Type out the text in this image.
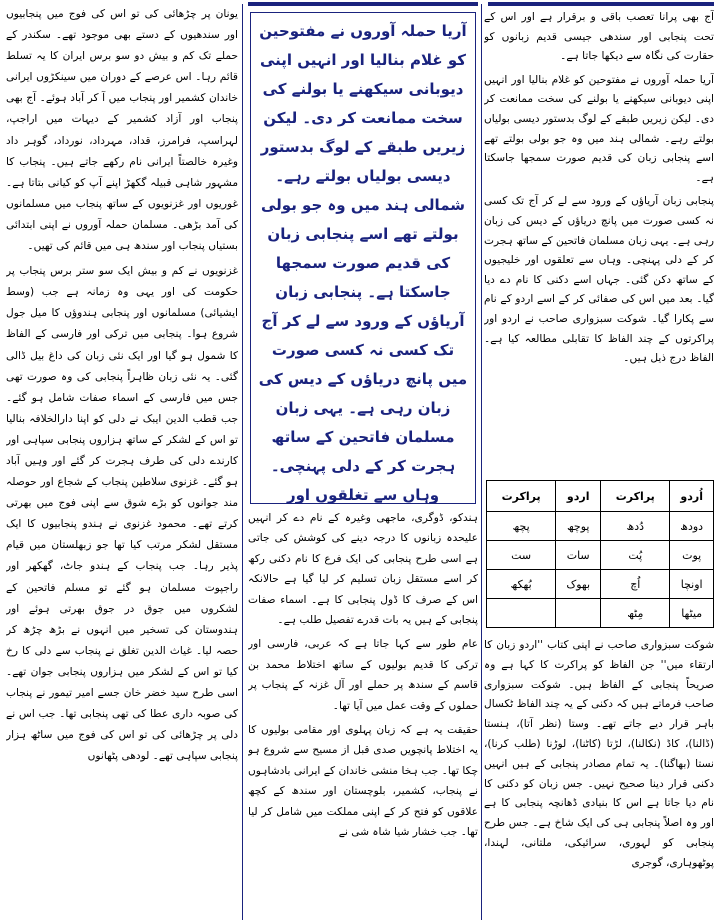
آج بھی پرانا تعصب باقی و برقرار ہے اور اس کے تحت پنجابی اور سندھی جیسی قدیم زبانوں کو حقارت کی نگاہ سے دیکھا جاتا ہے۔

آریا حملہ آوروں نے مفتوحین کو غلام بنالیا اور انہیں اپنی دیوبانی سیکھنے یا بولنے کی سخت ممانعت کر دی۔ لیکن زیریں طبقے کے لوگ بدستور دیسی بولیاں بولتے رہے۔ شمالی ہند میں وہ جو بولی بولتے تھے اسے پنجابی زبان کی قدیم صورت سمجھا جاسکتا ہے۔

پنجابی زبان آریاؤں کے ورود سے لے کر آج تک کسی نہ کسی صورت میں پانچ دریاؤں کے دیس کی زبان رہی ہے۔ یہی زبان مسلمان فاتحین کے ساتھ ہجرت کر کے دلی پہنچی۔ وہاں سے تعلقوں اور خلیجیوں کے ساتھ دکن گئی۔ جہاں اسے دکنی کا نام دے دیا گیا۔ بعد میں اس کی صفائی کر کے اسے اردو کے نام سے پکارا گیا۔ شوکت سبزواری صاحب نے اردو اور پراکرتوں کے چند الفاظ کا تقابلی مطالعہ کیا ہے۔ الفاظ درج ذیل ہیں۔

اُردو	پراکرت	اردو	پراکرت
دودھ	دُدھ	پوچھ	پچھ
پوت	پُت	سات	ست
اونچا	اُچ	بھوک	بُھکھ
میٹھا	مِٹھ		

شوکت سبزواری صاحب نے اپنی کتاب ''اردو زبان کا ارتقاء میں'' جن الفاظ کو پراکرت کا کہا ہے وہ صریحاً پنجابی کے الفاظ ہیں۔ شوکت سبزواری صاحب فرماتے ہیں کہ دکنی کے یہ چند الفاظ ٹکسال باہر قرار دیے جاتے تھے۔ وستا (نظر آتا)، ہنستا (ڈالنا)، کاڈ (نکالنا)، لڑتا (کاٹنا)، لوڑنا (طلب کرنا)، نستا (بھاگنا)۔ یہ تمام مصادر پنجابی کے ہیں انہیں دکنی قرار دینا صحیح نہیں۔ جس زبان کو دکنی کا نام دیا جاتا ہے اس کا بنیادی ڈھانچہ پنجابی کا ہے اور وہ اصلاً پنجابی ہی کی ایک شاخ ہے۔ جس طرح پنجابی کو لہوری، سرائیکی، ملتانی، لہندا، پوٹھوہاری، گوجری

آریا حملہ آوروں نے مفتوحین کو غلام بنالیا اور انہیں اپنی دیوبانی سیکھنے یا بولنے کی سخت ممانعت کر دی۔ لیکن زیریں طبقے کے لوگ بدستور دیسی بولیاں بولتے رہے۔ شمالی ہند میں وہ جو بولی بولتے تھے اسے پنجابی زبان کی قدیم صورت سمجھا جاسکتا ہے۔ پنجابی زبان آریاؤں کے ورود سے لے کر آج تک کسی نہ کسی صورت میں پانچ دریاؤں کے دیس کی زبان رہی ہے۔ یہی زبان مسلمان فاتحین کے ساتھ ہجرت کر کے دلی پہنچی۔ وہاں سے تغلقوں اور

ہندکو، ڈوگری، ماجھی وغیرہ کے نام دے کر انہیں علیحدہ زبانوں کا درجہ دینے کی کوشش کی جاتی ہے اسی طرح پنجابی کی ایک فرع کا نام دکنی رکھ کر اسے مستقل زبان تسلیم کر لیا گیا ہے حالانکہ اس کے صرف کا ڈول پنجابی کا ہے۔ اسماء صفات پنجابی کے ہیں یہ بات قدرے تفصیل طلب ہے۔

عام طور سے کہا جاتا ہے کہ عربی، فارسی اور ترکی کا قدیم بولیوں کے ساتھ اختلاط محمد بن قاسم کے سندھ پر حملے اور آل غزنہ کے پنجاب پر حملوں کے وقت عمل میں آیا تھا۔

حقیقت یہ ہے کہ زبان پہلوی اور مقامی بولیوں کا یہ اختلاط پانچویں صدی قبل از مسیح سے شروع ہو چکا تھا۔ جب ہخا منشی خاندان کے ایرانی بادشاہوں نے پنجاب، کشمیر، بلوچستان اور سندھ کے کچھ علاقوں کو فتح کر کے اپنی مملکت میں شامل کر لیا تھا۔ جب خشار شیا شاہ شی نے

یونان پر چڑھائی کی تو اس کی فوج میں پنجابیوں اور سندھیوں کے دستے بھی موجود تھے۔ سکندر کے حملے تک کم و بیش دو سو برس ایران کا یہ تسلط قائم رہا۔ اس عرصے کے دوران میں سینکڑوں ایرانی خاندان کشمیر اور پنجاب میں آ کر آباد ہوئے۔ آج بھی پنجاب اور آزاد کشمیر کے دیہات میں اراجپ، لہراسپ، فرامرز، قداد، مہرداد، نورداد، گوہر داد وغیرہ خالصتاً ایرانی نام رکھے جاتے ہیں۔ پنجاب کا مشہور شاہی قبیلہ گکھڑ اپنے آپ کو کیانی بتاتا ہے۔ غوریوں اور غزنویوں کے ساتھ پنجاب میں مسلمانوں کی آمد بڑھی۔ مسلمان حملہ آوروں نے اپنی ابتدائی بستیاں پنجاب اور سندھ ہی میں قائم کی تھیں۔

غزنویوں نے کم و بیش ایک سو ستر برس پنجاب پر حکومت کی اور یہی وہ زمانہ ہے جب (وسط ایشیائی) مسلمانوں اور پنجابی ہندوؤں کا میل جول شروع ہوا۔ پنجابی میں ترکی اور فارسی کے الفاظ کا شمول ہو گیا اور ایک نئی زبان کی داغ بیل ڈالی گئی۔ یہ نئی زبان ظاہراً پنجابی کی وہ صورت تھی جس میں فارسی کے اسماء صفات شامل ہو گئے۔ جب قطب الدین ایبک نے دلی کو اپنا دارالخلافہ بنالیا تو اس کے لشکر کے ساتھ ہزاروں پنجابی سپاہی اور کارندے دلی کی طرف ہجرت کر گئے اور وہیں آباد ہو گئے۔ غزنوی سلاطین پنجاب کے شجاع اور حوصلہ مند جوانوں کو بڑے شوق سے اپنی فوج میں بھرتی کرتے تھے۔ محمود غزنوی نے ہندو پنجابیوں کا ایک مستقل لشکر مرتب کیا تھا جو زبھلستان میں قیام پذیر رہا۔ جب پنجاب کے ہندو جاٹ، گھکھر اور راجپوت مسلمان ہو گئے تو مسلم فاتحین کے لشکروں میں جوق در جوق بھرتی ہوئے اور ہندوستان کی تسخیر میں انہوں نے بڑھ چڑھ کر حصہ لیا۔ غیاث الدین تغلق نے پنجاب سے دلی کا رخ کیا تو اس کے لشکر میں ہزاروں پنجابی جوان تھے۔ اسی طرح سید خضر خان جسے امیر تیمور نے پنجاب کی صوبہ داری عطا کی تھی پنجابی تھا۔ جب اس نے دلی پر چڑھائی کی تو اس کی فوج میں ساٹھ ہزار پنجابی سپاہی تھے۔ لودھی پٹھانوں
